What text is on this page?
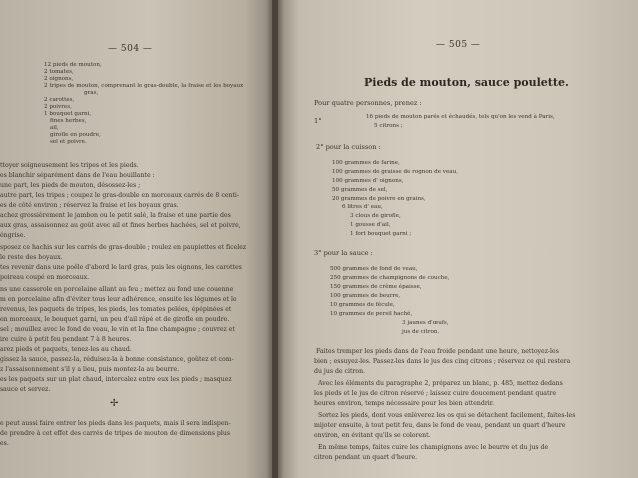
— 504 —
12 pieds de mouton,
2 tomates,
2 oignons,
2 tripes de mouton, comprenant le gras-double, la fraise et les boyaux
gras,
2 carottes,
2 poivres,
1 bouquet garni,
fines herbes,
ail,
girofle en poudre,
sel et poivre.
ttoyer soigneusement les tripes et les pieds.
es blanchir séparément dans de l'eau bouillante :
une part, les pieds de mouton, désossez-les ;
autre part, les tripes ; coupez le gras-double en morceaux carrés de 8 centi-
es de côté environ ; réservez la fraise et les boyaux gras.
achez grossièrement le jambon ou le petit salé, la fraise et une partie des
aux gras, assaisonnez au goût avec ail et fines herbes hachées, sel et poivre,
éngrise.
sposez ce hachis sur les carrés de gras-double ; roulez en paupiettes et ficelez
le reste des boyaux.
tes revenir dans une poêle d'abord le lard gras, puis les oignons, les carottes
poireau coupé en morceaux.
ns une casserole en porcelaine allant au feu ; mettez au fond une couenne
m en porcelaine afin d'éviter tous leur adhérence, ensuite les légumes et le
revenus, les paquets de tripes, les pieds, les tomates pelées, épépinées et
en morceaux, le bouquet garni, un peu d'ail râpé et de girofle en poudre.
sel ; mouillez avec le fond de veau, le vin et la fine champagne ; couvrez et
ire cuire à petit feu pendant 7 à 8 heures.
arez pieds et paquets, tenez-les au chaud.
gissez la sauce, passez-la, réduisez-la à bonne consistance, goûtez et com-
z l'assaisonnement s'il y a lieu, puis montez-la au beurre.
es les paquets sur un plat chaud, intercalez entre eux les pieds ; masquez
sauce et servez.
✢
e peut aussi faire entrer les pieds dans les paquets, mais il sera indispen-
de prendre à cet effet des carrés de tripes de mouton de dimensions plus
es.
— 505 —
Pieds de mouton, sauce poulette.
Pour quatre personnes, prenez :
1°	16 pieds de mouton parés et échaudés, tels qu'on les vend à Paris,
5 citrons ;
2° pour la cuisson :
100 grammes de farine,
100 grammes de graisse de rognon de veau,
100 grammes d' oignons,
50 grammes de sel,
20 grammes de poivre en grains,
6 litres d' eau,
3 clous de girofle,
1 gousse d'ail,
1 fort bouquet garni ;
3° pour la sauce :
500 grammes de fond de veau,
250 grammes de champignons de couche,
150 grammes de crème épaisse,
100 grammes de beurre,
10 grammes de fécule,
10 grammes de persil haché,
3 jaunes d'œufs,
jus de citron.
Faites tremper les pieds dans de l'eau froide pendant une heure, nettoyez-les
bien ; essuyez-les. Passez-les dans le jus des cinq citrons ; réservez ce qui restera
du jus de citron.
Avec les éléments du paragraphe 2, préparez un blanc, p. 485, mettez dedans
les pieds et le jus de citron réservé ; laissez cuire doucement pendant quatre
heures environ, temps nécessaire pour les bien attendrir.
Sortez les pieds, dont vous enlèverez les os qui se détachent facilement, faites-les
mijoter ensuite, à tout petit feu, dans le fond de veau, pendant un quart d'heure
environ, en évitant qu'ils se colorent.
En même temps, faites cuire les champignons avec le beurre et du jus de
citron pendant un quart d'heure.
